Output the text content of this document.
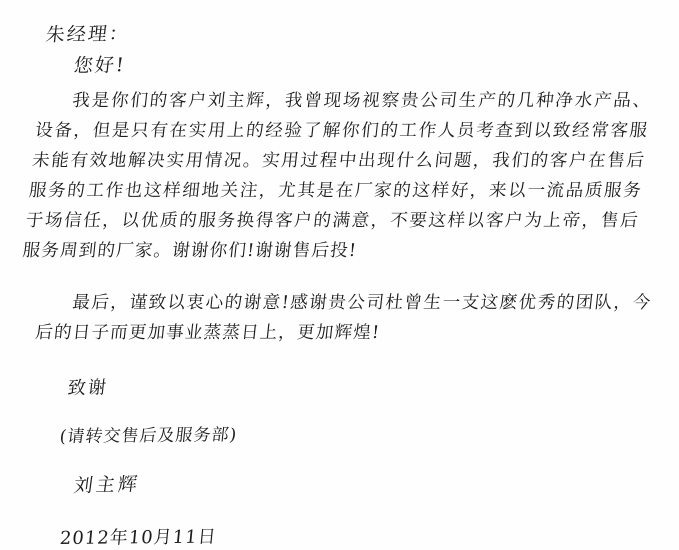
朱经理：
您好!

我是你们的客户刘主辉，我曾现场视察贵公司生产的几种净水产品、设备，但是只有在实用上的经验了解你们的工作人员考查到以致经常客服未能有效地解决实用情况。实用过程中出现什么问题，我们的客户在售后服务的工作也这样细地关注，尤其是在厂家的这样好，来以一流品质服务于场信任，以优质的服务换得客户的满意，不要这样以客户为上帝，售后服务周到的厂家。谢谢你们!谢谢售后投!

最后，谨致以衷心的谢意!感谢贵公司杜曾生一支这麽优秀的团队，今后的日子而更加事业蒸蒸日上，更加辉煌!

致谢
(请转交售后及服务部)
刘主辉
2012年10月11日
